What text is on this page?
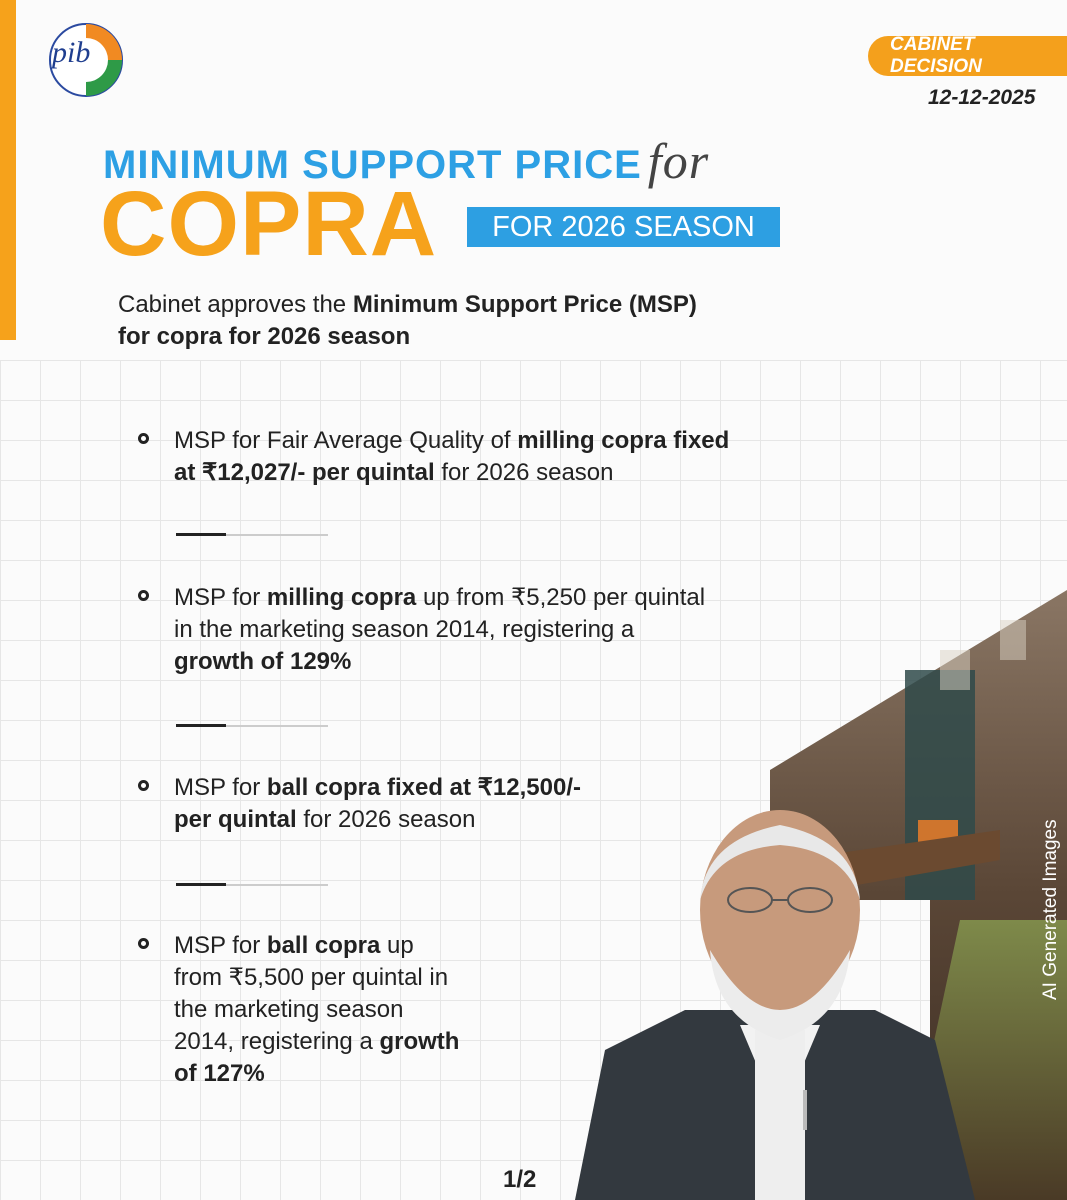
pib	CABINET DECISION
12-12-2025
MINIMUM SUPPORT PRICE for
COPRA	FOR 2026 SEASON
Cabinet approves the Minimum Support Price (MSP)
for copra for 2026 season
MSP for Fair Average Quality of milling copra fixed
at ₹12,027/- per quintal for 2026 season
MSP for milling copra up from ₹5,250 per quintal
in the marketing season 2014, registering a
growth of 129%
MSP for ball copra fixed at ₹12,500/-
per quintal for 2026 season
MSP for ball copra up
from ₹5,500 per quintal in
the marketing season
2014, registering a growth
of 127%
AI Generated Images
1/2
